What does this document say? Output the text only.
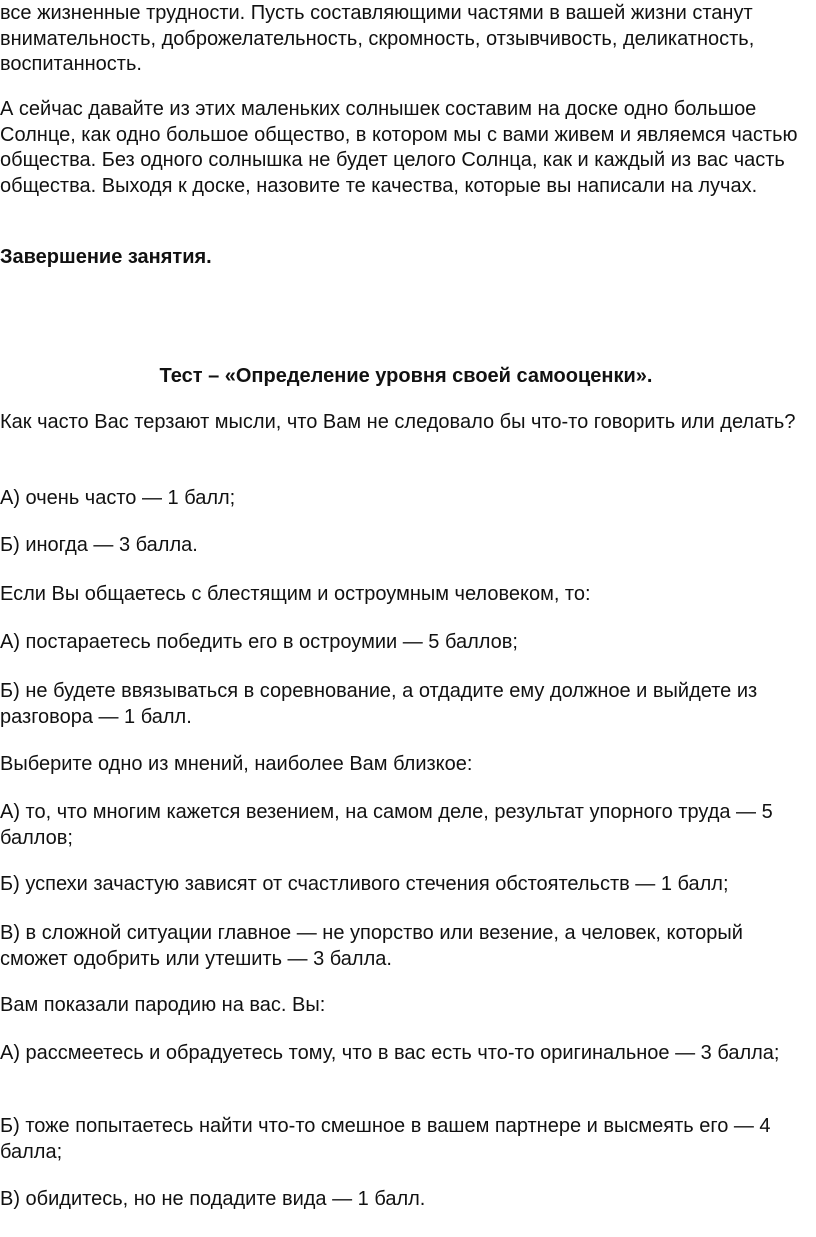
все жизненные трудности. Пусть составляющими частями в вашей жизни станут внимательность, доброжелательность, скромность, отзывчивость, деликатность, воспитанность.

А сейчас давайте из этих маленьких солнышек составим на доске одно большое Солнце, как одно большое общество, в котором мы с вами живем и являемся частью общества. Без одного солнышка не будет целого Солнца, как и каждый из вас часть общества. Выходя к доске, назовите те качества, которые вы написали на лучах.

Завершение занятия.

Тест – «Определение уровня своей самооценки».

Как часто Вас терзают мысли, что Вам не следовало бы что-то говорить или делать?

А) очень часто — 1 балл;

Б) иногда — 3 балла.

Если Вы общаетесь с блестящим и остроумным человеком, то:

А) постараетесь победить его в остроумии — 5 баллов;

Б) не будете ввязываться в соревнование, а отдадите ему должное и выйдете из разговора — 1 балл.

Выберите одно из мнений, наиболее Вам близкое:

А) то, что многим кажется везением, на самом деле, результат упорного труда — 5 баллов;

Б) успехи зачастую зависят от счастливого стечения обстоятельств — 1 балл;

В) в сложной ситуации главное — не упорство или везение, а человек, который сможет одобрить или утешить — 3 балла.

Вам показали пародию на вас. Вы:

А) рассмеетесь и обрадуетесь тому, что в вас есть что-то оригинальное — 3 балла;

Б) тоже попытаетесь найти что-то смешное в вашем партнере и высмеять его — 4 балла;

В) обидитесь, но не подадите вида — 1 балл.
